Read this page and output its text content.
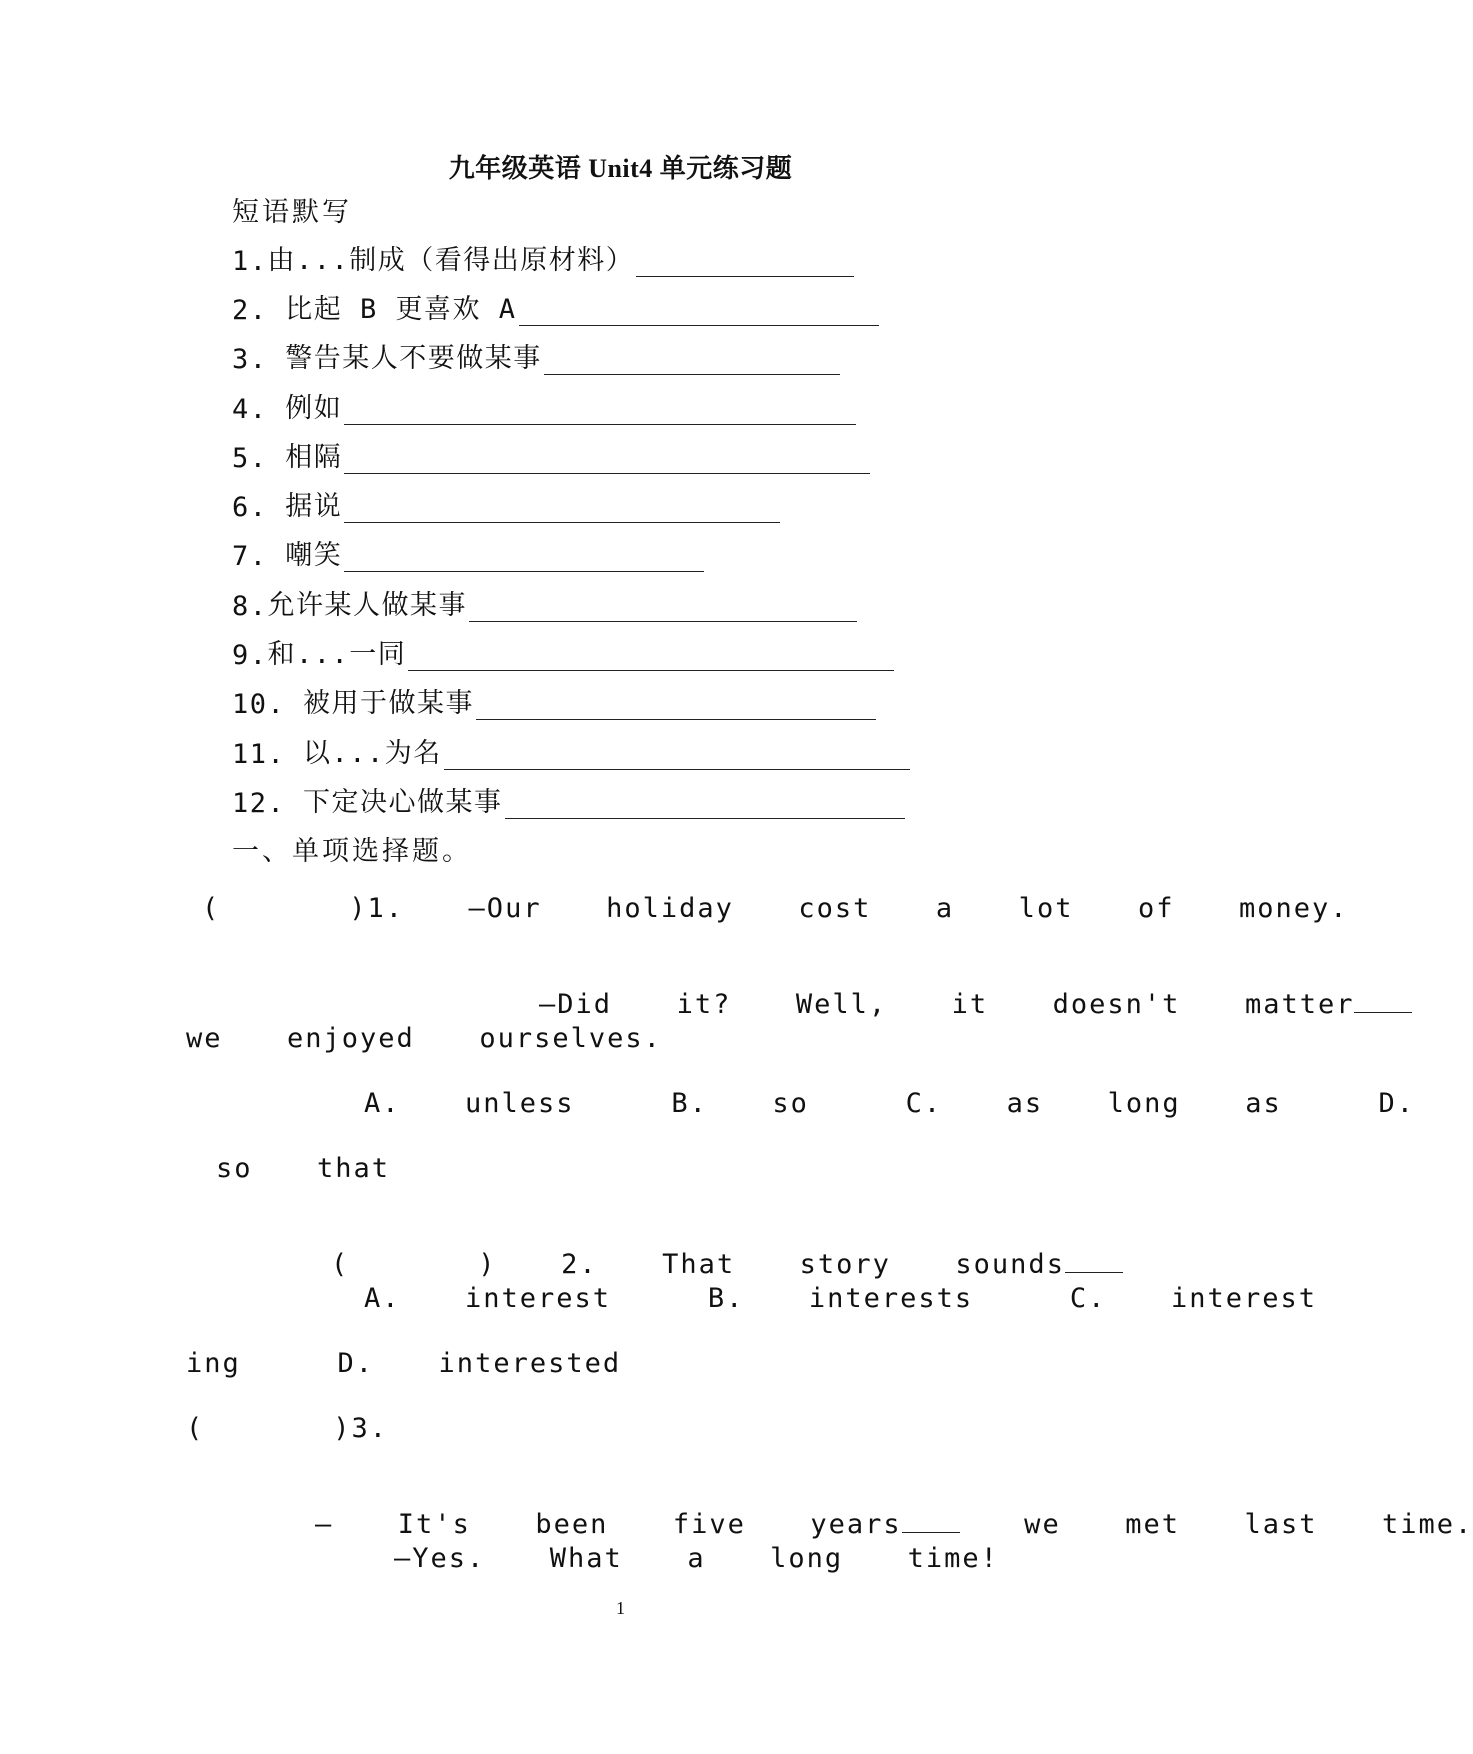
九年级英语 Unit4 单元练习题
短语默写
1. 由...制成（看得出原材料）
2. 比起 B 更喜欢 A
3. 警告某人不要做某事
4. 例如
5. 相隔
6. 据说
7. 嘲笑
8. 允许某人做某事
9. 和...一同
10. 被用于做某事
11. 以...为名
12. 下定决心做某事
一、单项选择题。
(    )1.  —Our  holiday  cost  a  lot  of  money.

—Did  it?  Well,  it  doesn't  matter

we  enjoyed  ourselves.
A.  unless   B.  so   C.  as  long  as   D.
so  that

(    )  2.  That  story  sounds

A.  interest   B.  interests   C.  interest
ing   D.  interested
(    )3.

—  It's  been  five  years  we  met  last  time.

—Yes.  What  a  long  time!
1
